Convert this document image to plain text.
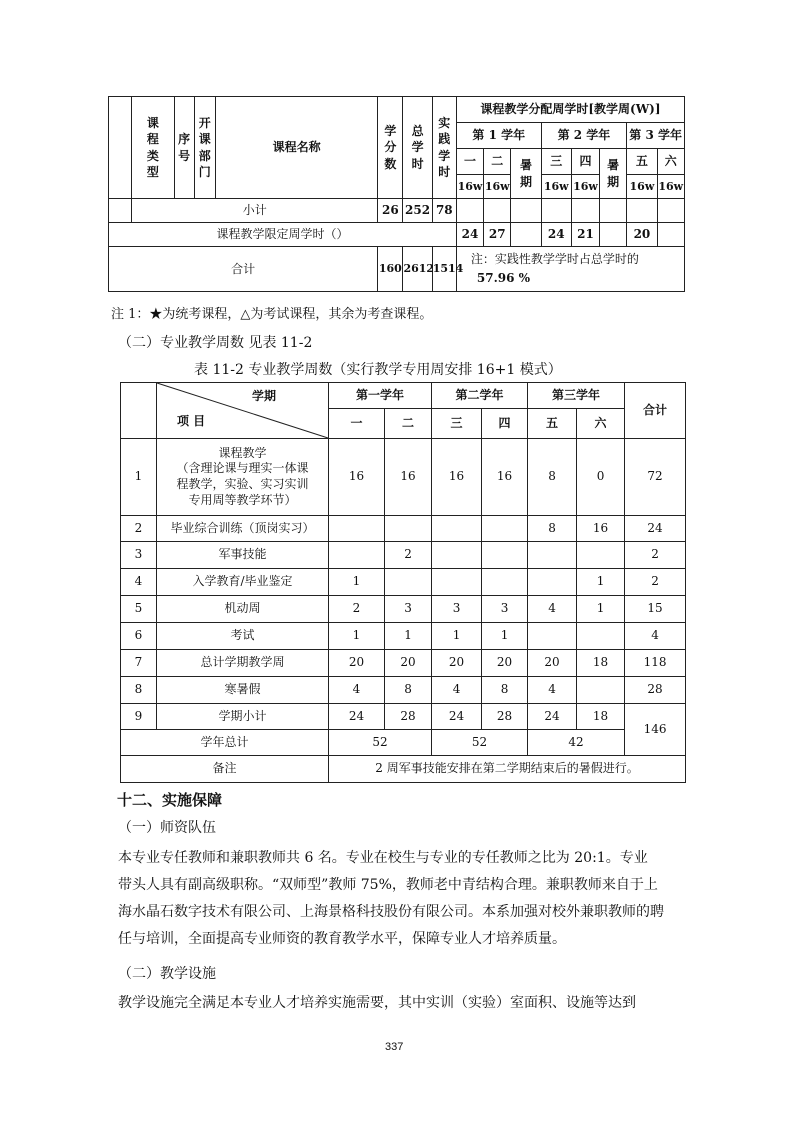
	课程类型	序号	开课部门	课程名称	学分数	总学时	实践学时	课程教学分配周学时[教学周(W)]							
								第 1 学年			第 2 学年			第 3 学年	
								一	二	暑期	三	四	暑期	五	六
								16w	16w		16w	16w		16w	16w
	小计				26	252	78								
课程教学限定周学时（）								24	27		24	21		20	
合计					160	2612	1514	注：实践性教学学时占总学时的
57.96 %							
注 1：★为统考课程，△为考试课程，其余为考查课程。
（二）专业教学周数 见表 11-2
表 11-2 专业教学周数（实行教学专用周安排 16+1 模式）

	学期
项 目	第一学年		第二学年		第三学年		合计
		一	二	三	四	五	六	
1	课程教学
（含理论课与理实一体课
程教学，实验、实习实训
专用周等教学环节）	16	16	16	16	8	0	72
2	毕业综合训练（顶岗实习）					8	16	24
3	军事技能		2					2
4	入学教育/毕业鉴定	1					1	2
5	机动周	2	3	3	3	4	1	15
6	考试	1	1	1	1			4
7	总计学期教学周	20	20	20	20	20	18	118
8	寒暑假	4	8	4	8	4		28
9	学期小计	24	28	24	28	24	18	146
学年总计		52		52		42		
备注		2 周军事技能安排在第二学期结束后的暑假进行。						
十二、实施保障
（一）师资队伍
本专业专任教师和兼职教师共 6 名。专业在校生与专业的专任教师之比为 20:1。专业
带头人具有副高级职称。“双师型”教师 75%，教师老中青结构合理。兼职教师来自于上
海水晶石数字技术有限公司、上海景格科技股份有限公司。本系加强对校外兼职教师的聘
任与培训，全面提高专业师资的教育教学水平，保障专业人才培养质量。
（二）教学设施
教学设施完全满足本专业人才培养实施需要，其中实训（实验）室面积、设施等达到
337
